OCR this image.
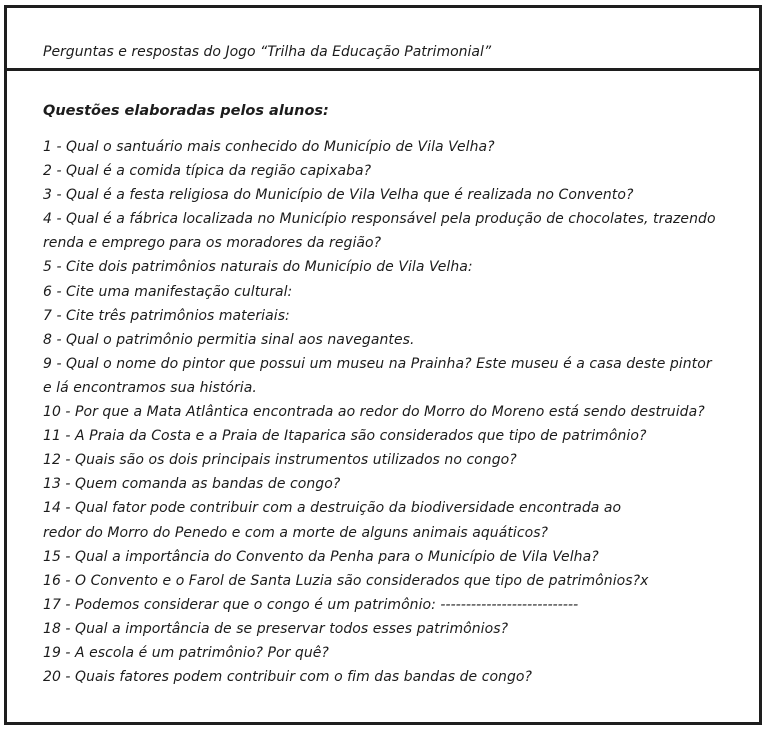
Perguntas e respostas do Jogo “Trilha da Educação Patrimonial”

Questões elaboradas pelos alunos:

1 - Qual o santuário mais conhecido do Município de Vila Velha?

2 - Qual é a comida típica da região capixaba?

3 - Qual é a festa religiosa do Município de Vila Velha que é realizada no Convento?

4 - Qual é a fábrica localizada no Município responsável pela produção de chocolates, trazendo

renda e emprego para os moradores da região?

5 - Cite dois patrimônios naturais do Município de Vila Velha:

6 - Cite uma manifestação cultural:

7 - Cite três patrimônios materiais:

8 - Qual o patrimônio permitia sinal aos navegantes.

9 - Qual o nome do pintor que possui um museu na Prainha? Este museu é a casa deste pintor

e lá encontramos sua história.

10 - Por que a Mata Atlântica encontrada ao redor do Morro do Moreno está sendo destruida?

11 - A Praia da Costa e a Praia de Itaparica são considerados que tipo de patrimônio?

12 - Quais são os dois principais instrumentos utilizados no congo?

13 - Quem comanda as bandas de congo?

14 - Qual fator pode contribuir com a destruição da biodiversidade encontrada ao

redor do Morro do Penedo e com a morte de alguns animais aquáticos?

15 - Qual a importância do Convento da Penha para o Município de Vila Velha?

16 - O Convento e o Farol de Santa Luzia são considerados que tipo de patrimônios?x

17 - Podemos considerar que o congo é um patrimônio: ---------------------------

18 - Qual a importância de se preservar todos esses patrimônios?

19 - A escola é um patrimônio? Por quê?

20 - Quais fatores podem contribuir com o fim das bandas de congo?
